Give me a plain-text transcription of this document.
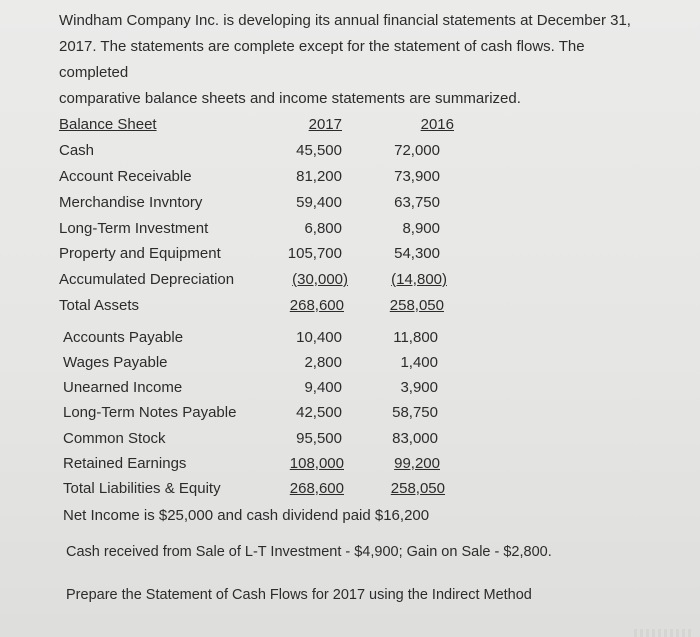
Windham Company Inc. is developing its annual financial statements at December 31,

2017. The statements are complete except for the statement of cash flows. The

completed

comparative balance sheets and income statements are summarized.

Balance Sheet	2017	2016
Cash	45,500	72,000
Account Receivable	81,200	73,900
Merchandise Invntory	59,400	63,750
Long-Term Investment	6,800	8,900
Property and Equipment	105,700	54,300
Accumulated Depreciation	(30,000)	(14,800)
Total Assets	268,600	258,050
Accounts Payable	10,400	11,800
Wages Payable	2,800	1,400
Unearned Income	9,400	3,900
Long-Term Notes Payable	42,500	58,750
Common Stock	95,500	83,000
Retained Earnings	108,000	99,200
Total Liabilities & Equity	268,600	258,050
Net Income is $25,000 and cash dividend paid $16,200
Cash received from Sale of L-T Investment - $4,900; Gain on Sale - $2,800.
Prepare the Statement of Cash Flows for 2017 using the Indirect Method
